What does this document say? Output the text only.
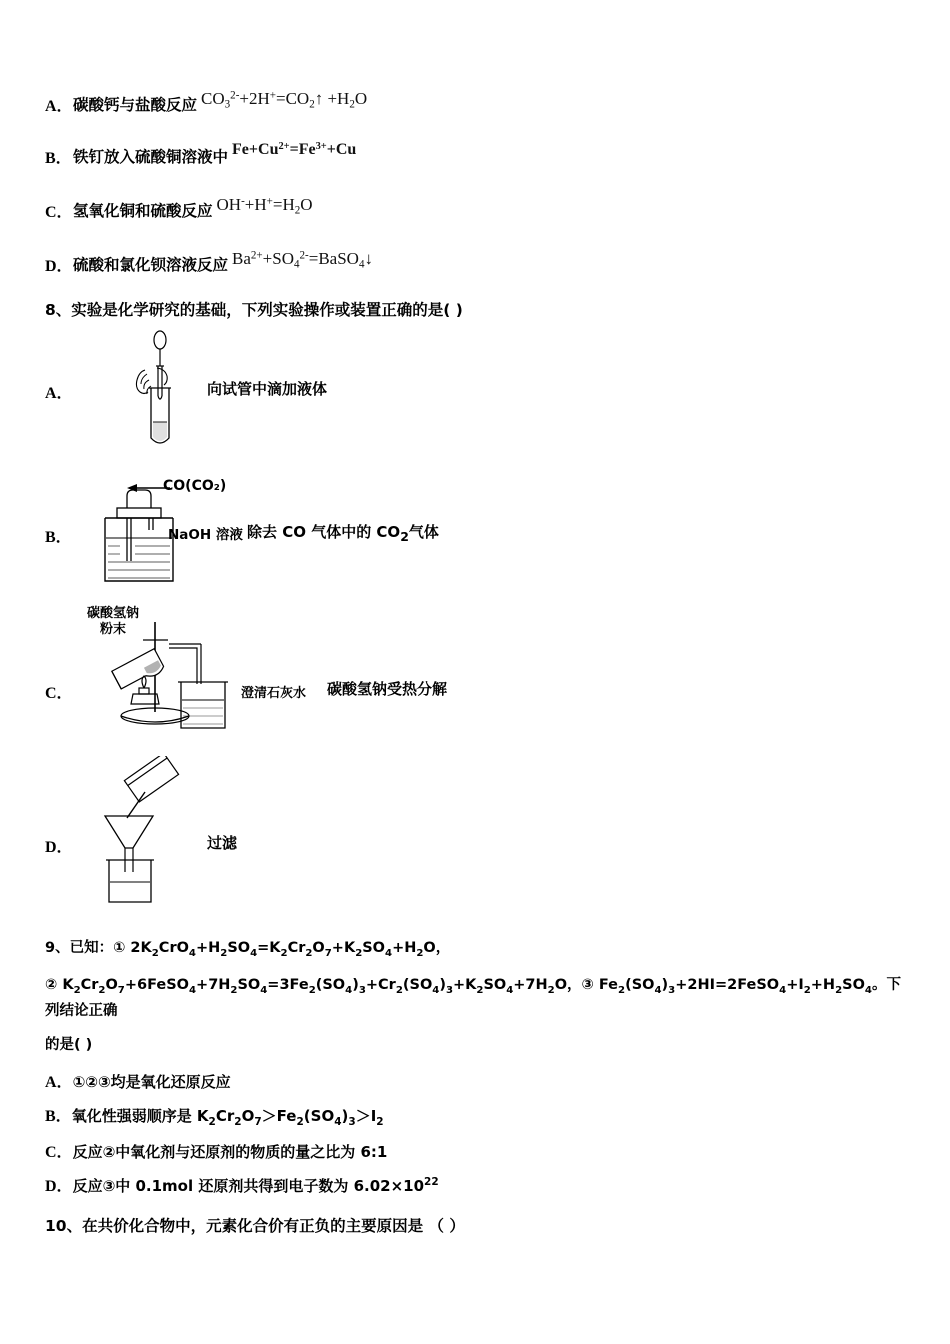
A． 碳酸钙与盐酸反应 $CO_3^{2-}+2H^+=CO_2↑ +H_2O$
B． 铁钉放入硫酸铜溶液中 $Fe+Cu^{2+}=Fe^{3+}+Cu$
C． 氢氧化铜和硫酸反应 $OH^-+H^+=H_2O$
D． 硫酸和氯化钡溶液反应 $Ba^{2+}+SO_4^{2-}=BaSO_4↓$
8、实验是化学研究的基础，下列实验操作或装置正确的是( )
A．	向试管中滴加液体
CO(CO₂)
B．	NaOH 溶液 除去 CO 气体中的 $CO_2$气体
碳酸氢钠
粉末
C．	澄清石灰水 碳酸氢钠受热分解
D．	过滤
9、已知：① $2K_2CrO_4+H_2SO_4=K_2Cr_2O_7+K_2SO_4+H_2O$，
② $K_2Cr_2O_7+6FeSO_4+7H_2SO_4=3Fe_2(SO_4)_3+Cr_2(SO_4)_3+K_2SO_4+7H_2O$，③ $Fe_2(SO_4)_3+2HI=2FeSO_4+I_2+H_2SO_4$。下列结论正确
的是( )
A．①②③均是氧化还原反应
B．氧化性强弱顺序是 $K_2Cr_2O_7>Fe_2(SO_4)_3>I_2$
C．反应②中氧化剂与还原剂的物质的量之比为 6:1
D．反应③中 0.1mol 还原剂共得到电子数为 $6.02\times 10^{22}$
10、在共价化合物中，元素化合价有正负的主要原因是 （ ）
